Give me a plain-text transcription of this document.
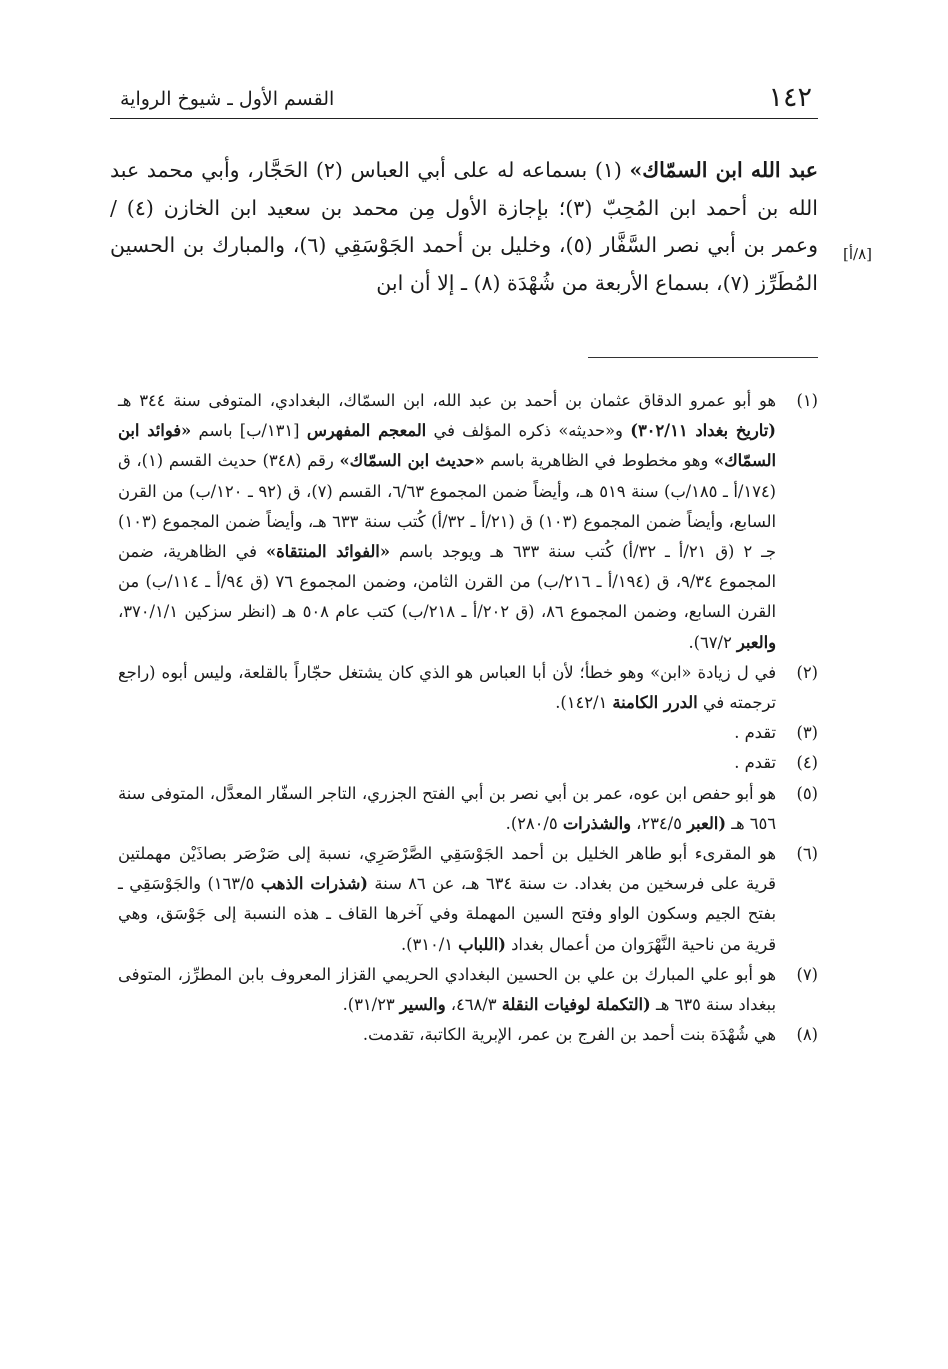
١٤٢
القسم الأول ـ شيوخ الرواية
[٨/أ]

عبد الله ابن السمّاك» (١) بسماعه له على أبي العباس (٢) الحَجَّار، وأبي محمد عبد الله بن أحمد ابن المُحِبّ (٣)؛ بإجازة الأول مِن محمد بن سعيد ابن الخازن (٤) / وعمر بن أبي نصر السَّفَّار (٥)، وخليل بن أحمد الجَوْسَقِي (٦)، والمبارك بن الحسين المُطَرِّز (٧)، بسماع الأربعة من شُهْدَة (٨) ـ إلا أن ابن

(١)
هو أبو عمرو الدقاق عثمان بن أحمد بن عبد الله، ابن السمّاك، البغدادي، المتوفى سنة ٣٤٤ هـ (تاريخ بغداد ٣٠٢/١١) و«حديثه» ذكره المؤلف في المعجم المفهرس [١٣١/ب] باسم «فوائد ابن السمّاك» وهو مخطوط في الظاهرية باسم «حديث ابن السمّاك» رقم (٣٤٨) حديث القسم (١)، ق (١٧٤/أ ـ ١٨٥/ب) سنة ٥١٩ هـ، وأيضاً ضمن المجموع ٦/٦٣، القسم (٧)، ق (٩٢ ـ ١٢٠/ب) من القرن السابع، وأيضاً ضمن المجموع (١٠٣) ق (٢١/أ ـ ٣٢/أ) كُتب سنة ٦٣٣ هـ، وأيضاً ضمن المجموع (١٠٣) جـ ٢ (ق ٢١/أ ـ ٣٢/أ) كُتب سنة ٦٣٣ هـ ويوجد باسم «الفوائد المنتقاة» في الظاهرية، ضمن المجموع ٩/٣٤، ق (١٩٤/أ ـ ٢١٦/ب) من القرن الثامن، وضمن المجموع ٧٦ (ق ٩٤/أ ـ ١١٤/ب) من القرن السابع، وضمن المجموع ٨٦، (ق ٢٠٢/أ ـ ٢١٨/ب) كتب عام ٥٠٨ هـ (انظر سزكين ٣٧٠/١/١، والعبر ٦٧/٢).
(٢)
في ل زيادة «ابن» وهو خطأ؛ لأن أبا العباس هو الذي كان يشتغل حجّاراً بالقلعة، وليس أبوه (راجع ترجمته في الدرر الكامنة ١٤٢/١).
(٣)
تقدم .
(٤)
تقدم .
(٥)
هو أبو حفص ابن عوه، عمر بن أبي نصر بن أبي الفتح الجزري، التاجر السفّار المعدَّل، المتوفى سنة ٦٥٦ هـ (العبر ٢٣٤/٥، والشذرات ٢٨٠/٥).
(٦)
هو المقرىء أبو طاهر الخليل بن أحمد الجَوْسَقِي الصَّرْصَرِي، نسبة إلى صَرْصَر بصاذَيْن مهملتين قرية على فرسخين من بغداد. ت سنة ٦٣٤ هـ، عن ٨٦ سنة (شذرات الذهب ١٦٣/٥) والجَوْسَقِي ـ بفتح الجيم وسكون الواو وفتح السين المهملة وفي آخرها القاف ـ هذه النسبة إلى جَوْسَق، وهي قرية من ناحية النَّهْرَوان من أعمال بغداد (اللباب ٣١٠/١).
(٧)
هو أبو علي المبارك بن علي بن الحسين البغدادي الحريمي القزاز المعروف بابن المطرِّز، المتوفى ببغداد سنة ٦٣٥ هـ (التكملة لوفيات النقلة ٤٦٨/٣، والسير ٣١/٢٣).
(٨)
هي شُهْدَة بنت أحمد بن الفرج بن عمر، الإبرية الكاتبة، تقدمت.
